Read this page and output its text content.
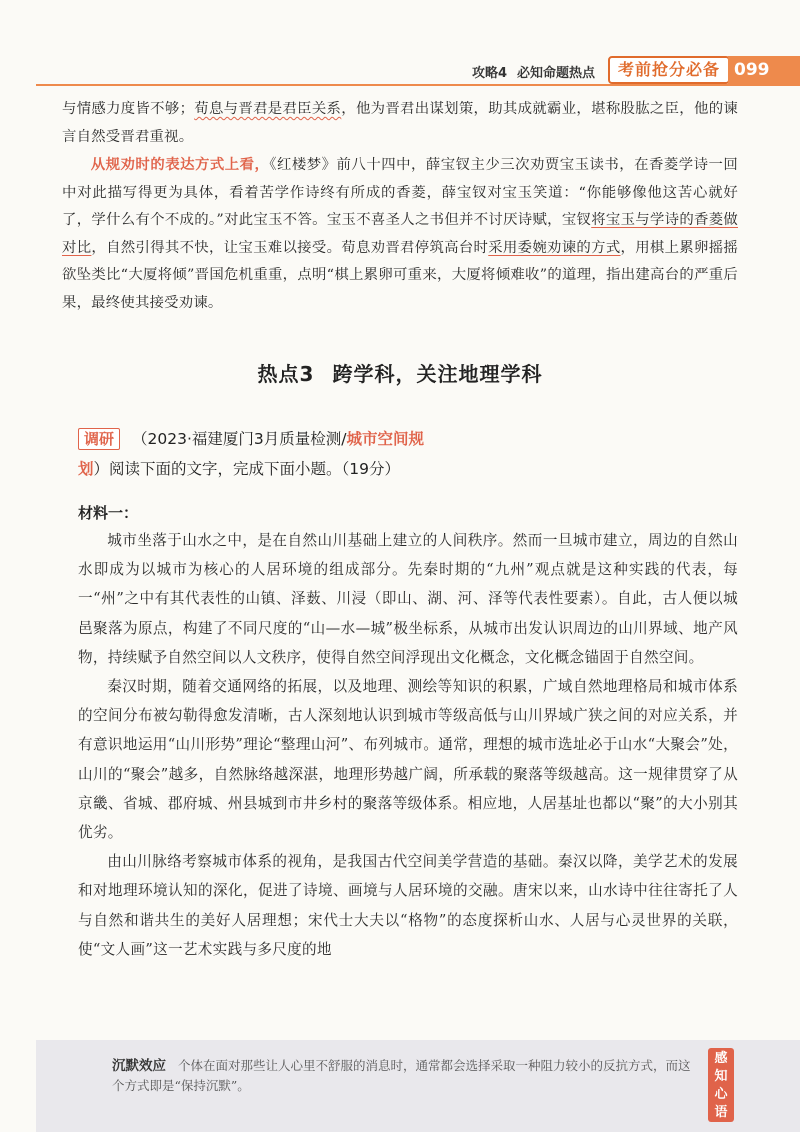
攻略4 必知命题热点	考前抢分必备 099

与情感力度皆不够；荀息与晋君是君臣关系，他为晋君出谋划策，助其成就霸业，堪称股肱之臣，他的谏言自然受晋君重视。

从规劝时的表达方式上看，《红楼梦》前八十四中，薛宝钗主少三次劝贾宝玉读书，在香菱学诗一回中对此描写得更为具体，看着苦学作诗终有所成的香菱，薛宝钗对宝玉笑道：“你能够像他这苦心就好了，学什么有个不成的。”对此宝玉不答。宝玉不喜圣人之书但并不讨厌诗赋，宝钗将宝玉与学诗的香菱做对比，自然引得其不快，让宝玉难以接受。荀息劝晋君停筑高台时采用委婉劝谏的方式，用棋上累卵摇摇欲坠类比“大厦将倾”晋国危机重重，点明“棋上累卵可重来，大厦将倾难收”的道理，指出建高台的严重后果，最终使其接受劝谏。

热点3 跨学科，关注地理学科
调研 （2023·福建厦门3月质量检测/城市空间规划）阅读下面的文字，完成下面小题。（19分）
材料一：

城市坐落于山水之中，是在自然山川基础上建立的人间秩序。然而一旦城市建立，周边的自然山水即成为以城市为核心的人居环境的组成部分。先秦时期的“九州”观点就是这种实践的代表，每一“州”之中有其代表性的山镇、泽薮、川浸（即山、湖、河、泽等代表性要素）。自此，古人便以城邑聚落为原点，构建了不同尺度的“山—水—城”极坐标系，从城市出发认识周边的山川界域、地产风物，持续赋予自然空间以人文秩序，使得自然空间浮现出文化概念，文化概念锚固于自然空间。

秦汉时期，随着交通网络的拓展，以及地理、测绘等知识的积累，广域自然地理格局和城市体系的空间分布被勾勒得愈发清晰，古人深刻地认识到城市等级高低与山川界域广狭之间的对应关系，并有意识地运用“山川形势”理论“整理山河”、布列城市。通常，理想的城市选址必于山水“大聚会”处，山川的“聚会”越多，自然脉络越深湛，地理形势越广阔，所承载的聚落等级越高。这一规律贯穿了从京畿、省城、郡府城、州县城到市井乡村的聚落等级体系。相应地，人居基址也都以“聚”的大小别其优劣。

由山川脉络考察城市体系的视角，是我国古代空间美学营造的基础。秦汉以降，美学艺术的发展和对地理环境认知的深化，促进了诗境、画境与人居环境的交融。唐宋以来，山水诗中往往寄托了人与自然和谐共生的美好人居理想；宋代士大夫以“格物”的态度探析山水、人居与心灵世界的关联，使“文人画”这一艺术实践与多尺度的地

沉默效应 个体在面对那些让人心里不舒服的消息时，通常都会选择采取一种阻力较小的反抗方式，而这个方式即是“保持沉默”。
感
知
心
语
